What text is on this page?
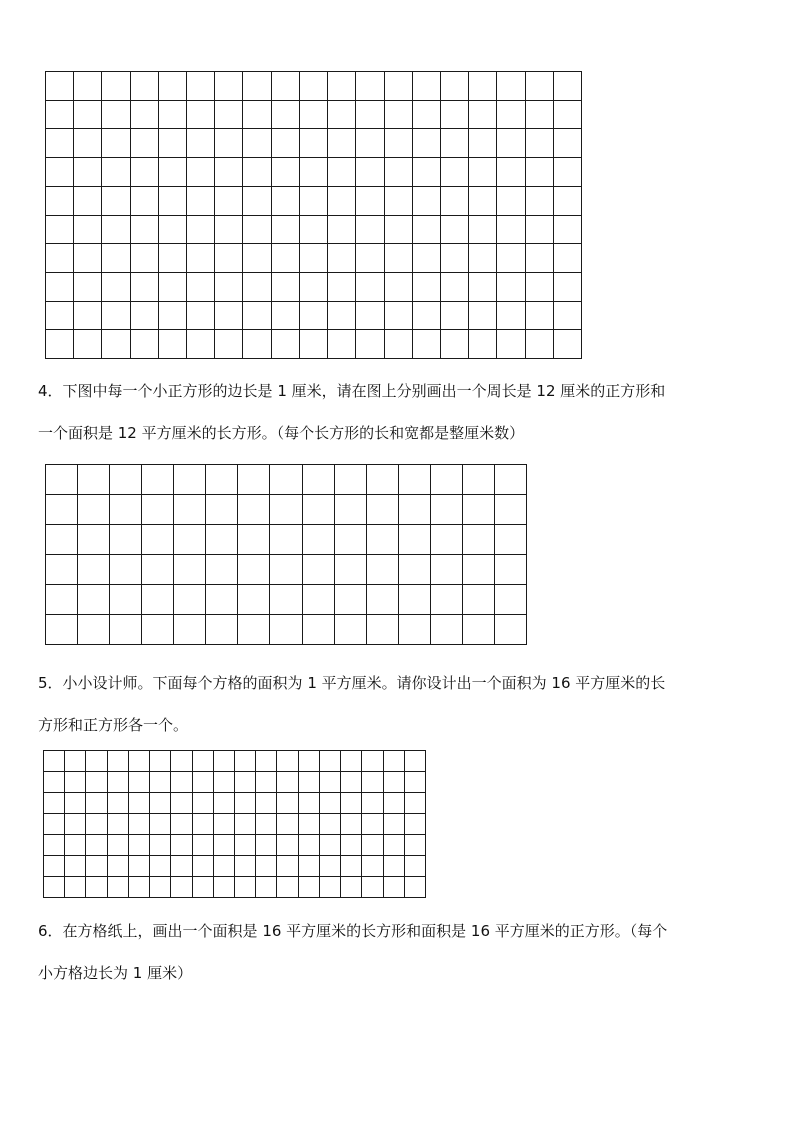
4．下图中每一个小正方形的边长是 1 厘米，请在图上分别画出一个周长是 12 厘米的正方形和
一个面积是 12 平方厘米的长方形。（每个长方形的长和宽都是整厘米数）
5．小小设计师。下面每个方格的面积为 1 平方厘米。请你设计出一个面积为 16 平方厘米的长
方形和正方形各一个。
6．在方格纸上，画出一个面积是 16 平方厘米的长方形和面积是 16 平方厘米的正方形。（每个
小方格边长为 1 厘米）
